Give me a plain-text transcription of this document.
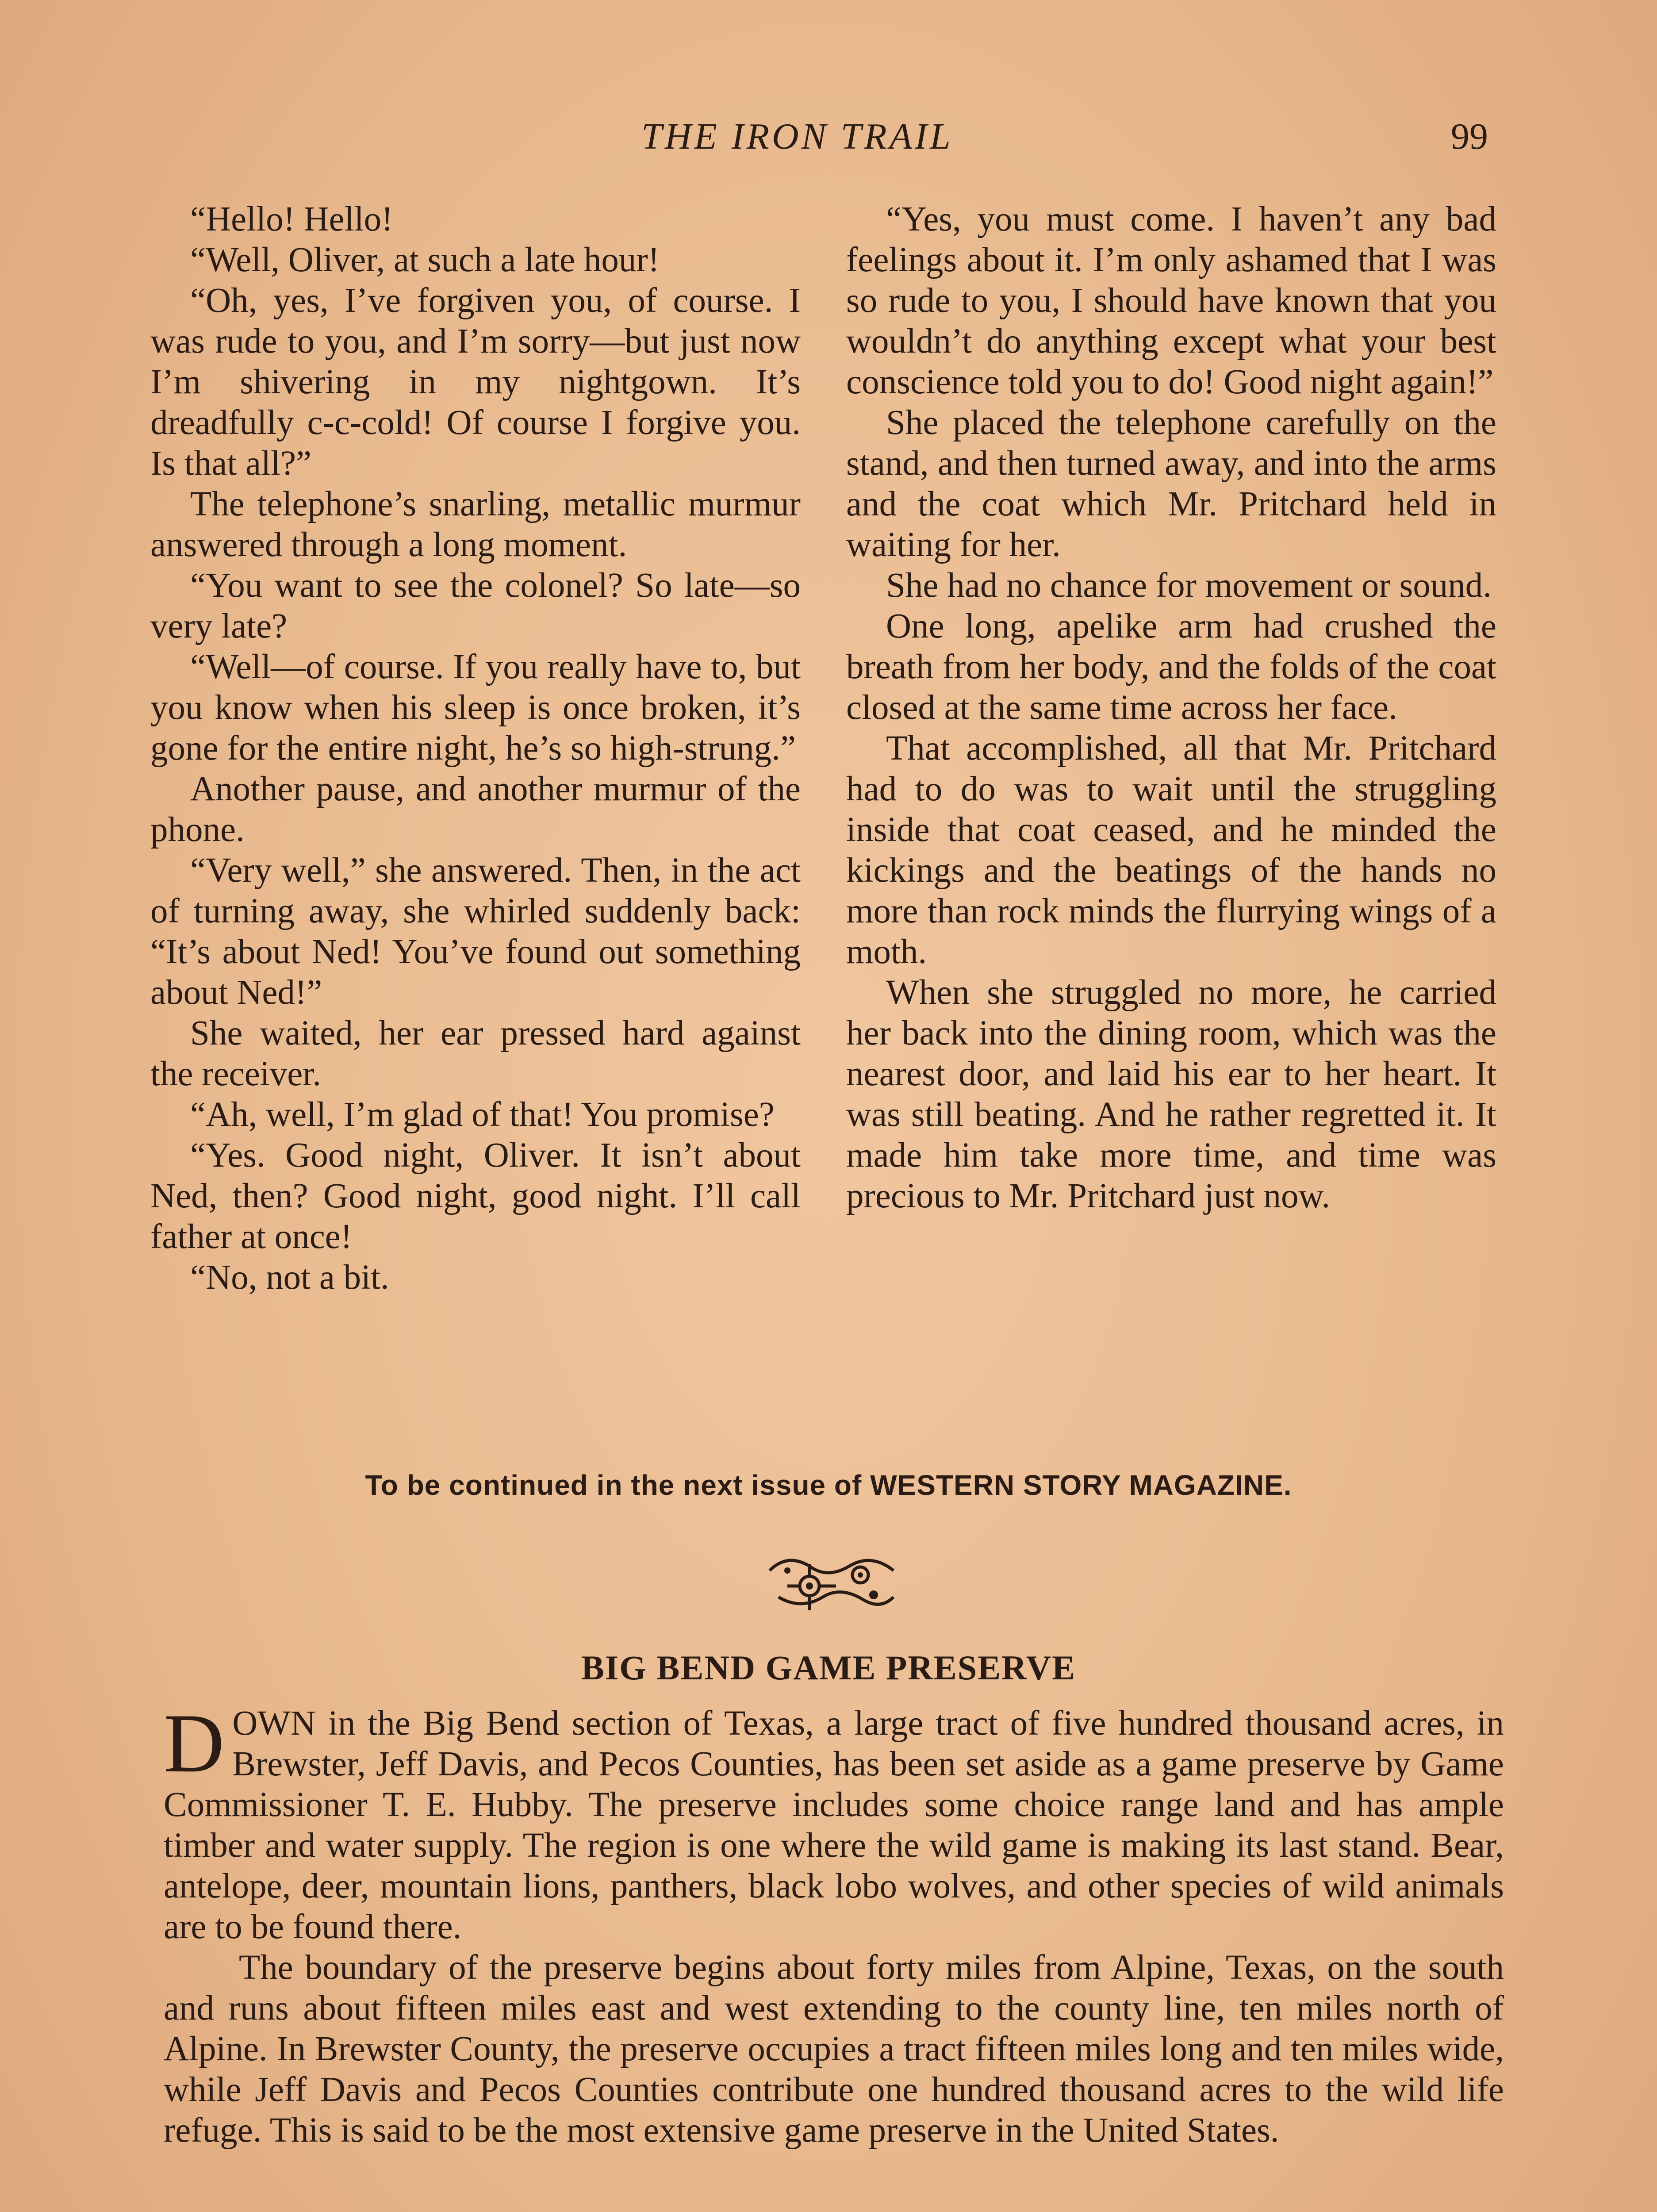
THE IRON TRAIL	99

“Hello! Hello!

“Well, Oliver, at such a late hour!

“Oh, yes, I’ve forgiven you, of course. I was rude to you, and I’m sorry—but just now I’m shivering in my nightgown. It’s dreadfully c-c-cold! Of course I forgive you. Is that all?”

The telephone’s snarling, metallic murmur answered through a long moment.

“You want to see the colonel? So late—so very late?

“Well—of course. If you really have to, but you know when his sleep is once broken, it’s gone for the entire night, he’s so high-strung.”

Another pause, and another murmur of the phone.

“Very well,” she answered. Then, in the act of turning away, she whirled suddenly back: “It’s about Ned! You’ve found out something about Ned!”

She waited, her ear pressed hard against the receiver.

“Ah, well, I’m glad of that! You promise?

“Yes. Good night, Oliver. It isn’t about Ned, then? Good night, good night. I’ll call father at once!

“No, not a bit.

“Yes, you must come. I haven’t any bad feelings about it. I’m only ashamed that I was so rude to you, I should have known that you wouldn’t do anything except what your best conscience told you to do! Good night again!”

She placed the telephone carefully on the stand, and then turned away, and into the arms and the coat which Mr. Pritchard held in waiting for her.

She had no chance for movement or sound.

One long, apelike arm had crushed the breath from her body, and the folds of the coat closed at the same time across her face.

That accomplished, all that Mr. Pritchard had to do was to wait until the struggling inside that coat ceased, and he minded the kickings and the beatings of the hands no more than rock minds the flurrying wings of a moth.

When she struggled no more, he carried her back into the dining room, which was the nearest door, and laid his ear to her heart. It was still beating. And he rather regretted it. It made him take more time, and time was precious to Mr. Pritchard just now.

To be continued in the next issue of WESTERN STORY MAGAZINE.
BIG BEND GAME PRESERVE

DOWN in the Big Bend section of Texas, a large tract of five hundred thousand acres, in Brewster, Jeff Davis, and Pecos Counties, has been set aside as a game preserve by Game Commissioner T. E. Hubby. The preserve includes some choice range land and has ample timber and water supply. The region is one where the wild game is making its last stand. Bear, antelope, deer, mountain lions, panthers, black lobo wolves, and other species of wild animals are to be found there.

The boundary of the preserve begins about forty miles from Alpine, Texas, on the south and runs about fifteen miles east and west extending to the county line, ten miles north of Alpine. In Brewster County, the preserve occupies a tract fifteen miles long and ten miles wide, while Jeff Davis and Pecos Counties contribute one hundred thousand acres to the wild life refuge. This is said to be the most extensive game preserve in the United States.
